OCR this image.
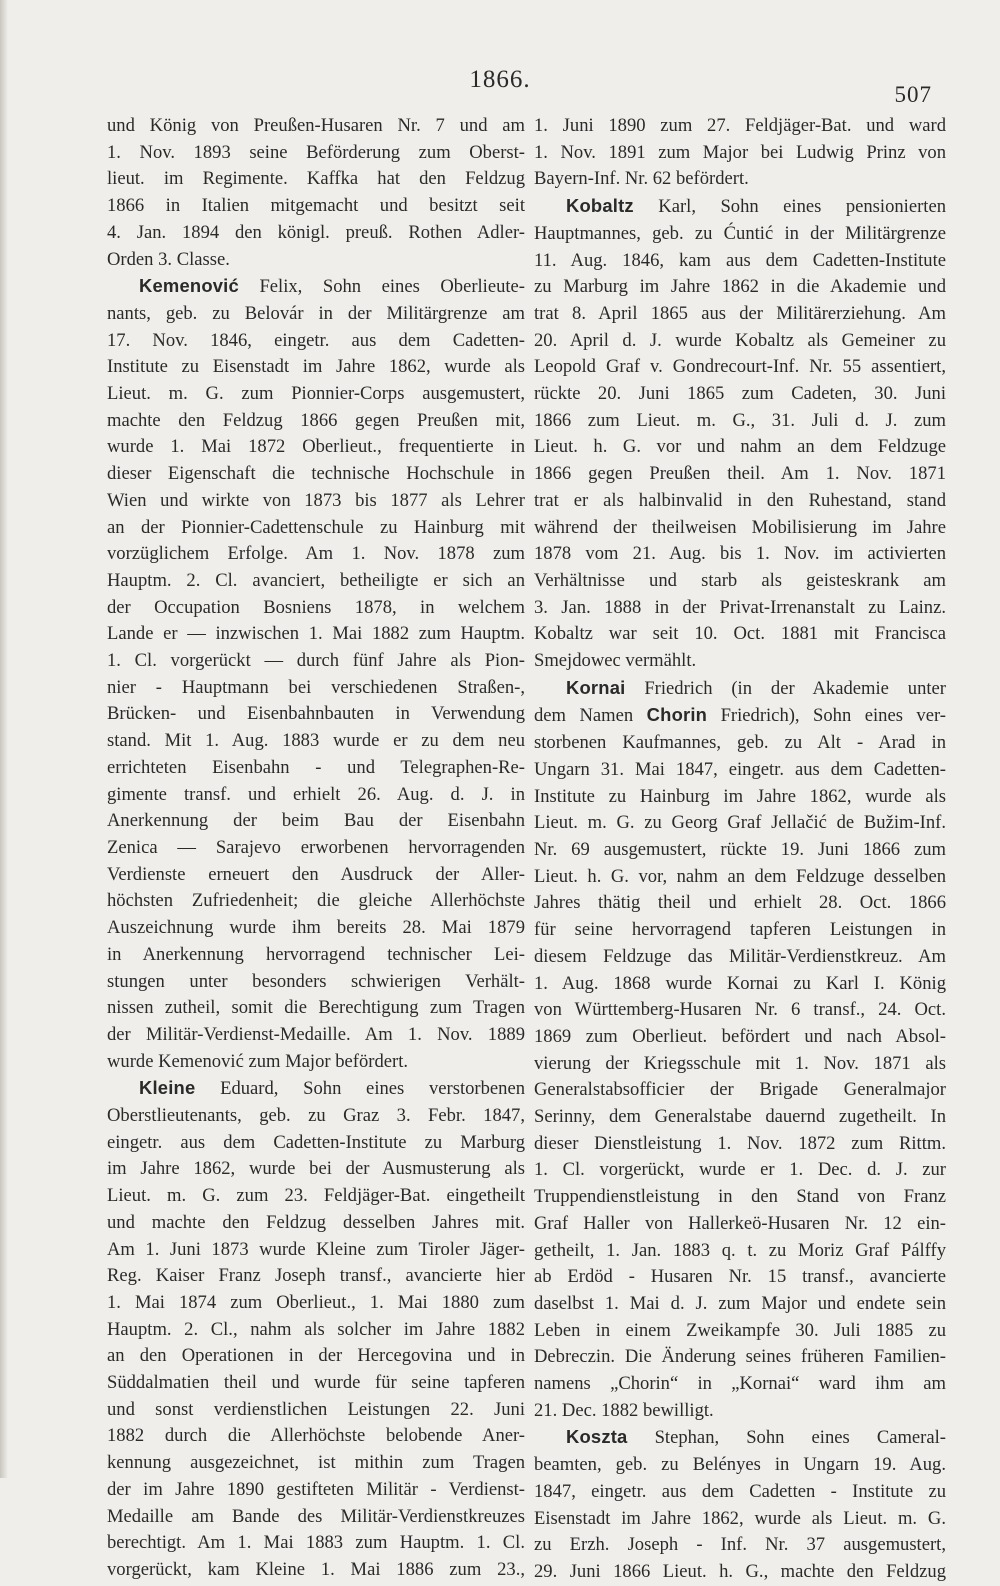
1866.
507
und König von Preußen-Husaren Nr. 7 und am
1. Nov. 1893 seine Beförderung zum Oberst-
lieut. im Regimente. Kaffka hat den Feldzug
1866 in Italien mitgemacht und besitzt seit
4. Jan. 1894 den königl. preuß. Rothen Adler-
Orden 3. Classe.
Kemenović Felix, Sohn eines Oberlieute-
nants, geb. zu Belovár in der Militärgrenze am
17. Nov. 1846, eingetr. aus dem Cadetten-
Institute zu Eisenstadt im Jahre 1862, wurde als
Lieut. m. G. zum Pionnier-Corps ausgemustert,
machte den Feldzug 1866 gegen Preußen mit,
wurde 1. Mai 1872 Oberlieut., frequentierte in
dieser Eigenschaft die technische Hochschule in
Wien und wirkte von 1873 bis 1877 als Lehrer
an der Pionnier-Cadettenschule zu Hainburg mit
vorzüglichem Erfolge. Am 1. Nov. 1878 zum
Hauptm. 2. Cl. avanciert, betheiligte er sich an
der Occupation Bosniens 1878, in welchem
Lande er — inzwischen 1. Mai 1882 zum Hauptm.
1. Cl. vorgerückt — durch fünf Jahre als Pion-
nier - Hauptmann bei verschiedenen Straßen-,
Brücken- und Eisenbahnbauten in Verwendung
stand. Mit 1. Aug. 1883 wurde er zu dem neu
errichteten Eisenbahn - und Telegraphen-Re-
gimente transf. und erhielt 26. Aug. d. J. in
Anerkennung der beim Bau der Eisenbahn
Zenica — Sarajevo erworbenen hervorragenden
Verdienste erneuert den Ausdruck der Aller-
höchsten Zufriedenheit; die gleiche Allerhöchste
Auszeichnung wurde ihm bereits 28. Mai 1879
in Anerkennung hervorragend technischer Lei-
stungen unter besonders schwierigen Verhält-
nissen zutheil, somit die Berechtigung zum Tragen
der Militär-Verdienst-Medaille. Am 1. Nov. 1889
wurde Kemenović zum Major befördert.
Kleine Eduard, Sohn eines verstorbenen
Oberstlieutenants, geb. zu Graz 3. Febr. 1847,
eingetr. aus dem Cadetten-Institute zu Marburg
im Jahre 1862, wurde bei der Ausmusterung als
Lieut. m. G. zum 23. Feldjäger-Bat. eingetheilt
und machte den Feldzug desselben Jahres mit.
Am 1. Juni 1873 wurde Kleine zum Tiroler Jäger-
Reg. Kaiser Franz Joseph transf., avancierte hier
1. Mai 1874 zum Oberlieut., 1. Mai 1880 zum
Hauptm. 2. Cl., nahm als solcher im Jahre 1882
an den Operationen in der Hercegovina und in
Süddalmatien theil und wurde für seine tapferen
und sonst verdienstlichen Leistungen 22. Juni
1882 durch die Allerhöchste belobende Aner-
kennung ausgezeichnet, ist mithin zum Tragen
der im Jahre 1890 gestifteten Militär - Verdienst-
Medaille am Bande des Militär-Verdienstkreuzes
berechtigt. Am 1. Mai 1883 zum Hauptm. 1. Cl.
vorgerückt, kam Kleine 1. Mai 1886 zum 23.,
1. Juni 1890 zum 27. Feldjäger-Bat. und ward
1. Nov. 1891 zum Major bei Ludwig Prinz von
Bayern-Inf. Nr. 62 befördert.
Kobaltz Karl, Sohn eines pensionierten
Hauptmannes, geb. zu Ćuntić in der Militärgrenze
11. Aug. 1846, kam aus dem Cadetten-Institute
zu Marburg im Jahre 1862 in die Akademie und
trat 8. April 1865 aus der Militärerziehung. Am
20. April d. J. wurde Kobaltz als Gemeiner zu
Leopold Graf v. Gondrecourt-Inf. Nr. 55 assentiert,
rückte 20. Juni 1865 zum Cadeten, 30. Juni
1866 zum Lieut. m. G., 31. Juli d. J. zum
Lieut. h. G. vor und nahm an dem Feldzuge
1866 gegen Preußen theil. Am 1. Nov. 1871
trat er als halbinvalid in den Ruhestand, stand
während der theilweisen Mobilisierung im Jahre
1878 vom 21. Aug. bis 1. Nov. im activierten
Verhältnisse und starb als geisteskrank am
3. Jan. 1888 in der Privat-Irrenanstalt zu Lainz.
Kobaltz war seit 10. Oct. 1881 mit Francisca
Smejdowec vermählt.
Kornai Friedrich (in der Akademie unter
dem Namen Chorin Friedrich), Sohn eines ver-
storbenen Kaufmannes, geb. zu Alt - Arad in
Ungarn 31. Mai 1847, eingetr. aus dem Cadetten-
Institute zu Hainburg im Jahre 1862, wurde als
Lieut. m. G. zu Georg Graf Jellačić de Bužim-Inf.
Nr. 69 ausgemustert, rückte 19. Juni 1866 zum
Lieut. h. G. vor, nahm an dem Feldzuge desselben
Jahres thätig theil und erhielt 28. Oct. 1866
für seine hervorragend tapferen Leistungen in
diesem Feldzuge das Militär-Verdienstkreuz. Am
1. Aug. 1868 wurde Kornai zu Karl I. König
von Württemberg-Husaren Nr. 6 transf., 24. Oct.
1869 zum Oberlieut. befördert und nach Absol-
vierung der Kriegsschule mit 1. Nov. 1871 als
Generalstabsofficier der Brigade Generalmajor
Serinny, dem Generalstabe dauernd zugetheilt. In
dieser Dienstleistung 1. Nov. 1872 zum Rittm.
1. Cl. vorgerückt, wurde er 1. Dec. d. J. zur
Truppendienstleistung in den Stand von Franz
Graf Haller von Hallerkeö-Husaren Nr. 12 ein-
getheilt, 1. Jan. 1883 q. t. zu Moriz Graf Pálffy
ab Erdöd - Husaren Nr. 15 transf., avancierte
daselbst 1. Mai d. J. zum Major und endete sein
Leben in einem Zweikampfe 30. Juli 1885 zu
Debreczin. Die Änderung seines früheren Familien-
namens „Chorin“ in „Kornai“ ward ihm am
21. Dec. 1882 bewilligt.
Koszta Stephan, Sohn eines Cameral-
beamten, geb. zu Belényes in Ungarn 19. Aug.
1847, eingetr. aus dem Cadetten - Institute zu
Eisenstadt im Jahre 1862, wurde als Lieut. m. G.
zu Erzh. Joseph - Inf. Nr. 37 ausgemustert,
29. Juni 1866 Lieut. h. G., machte den Feldzug
